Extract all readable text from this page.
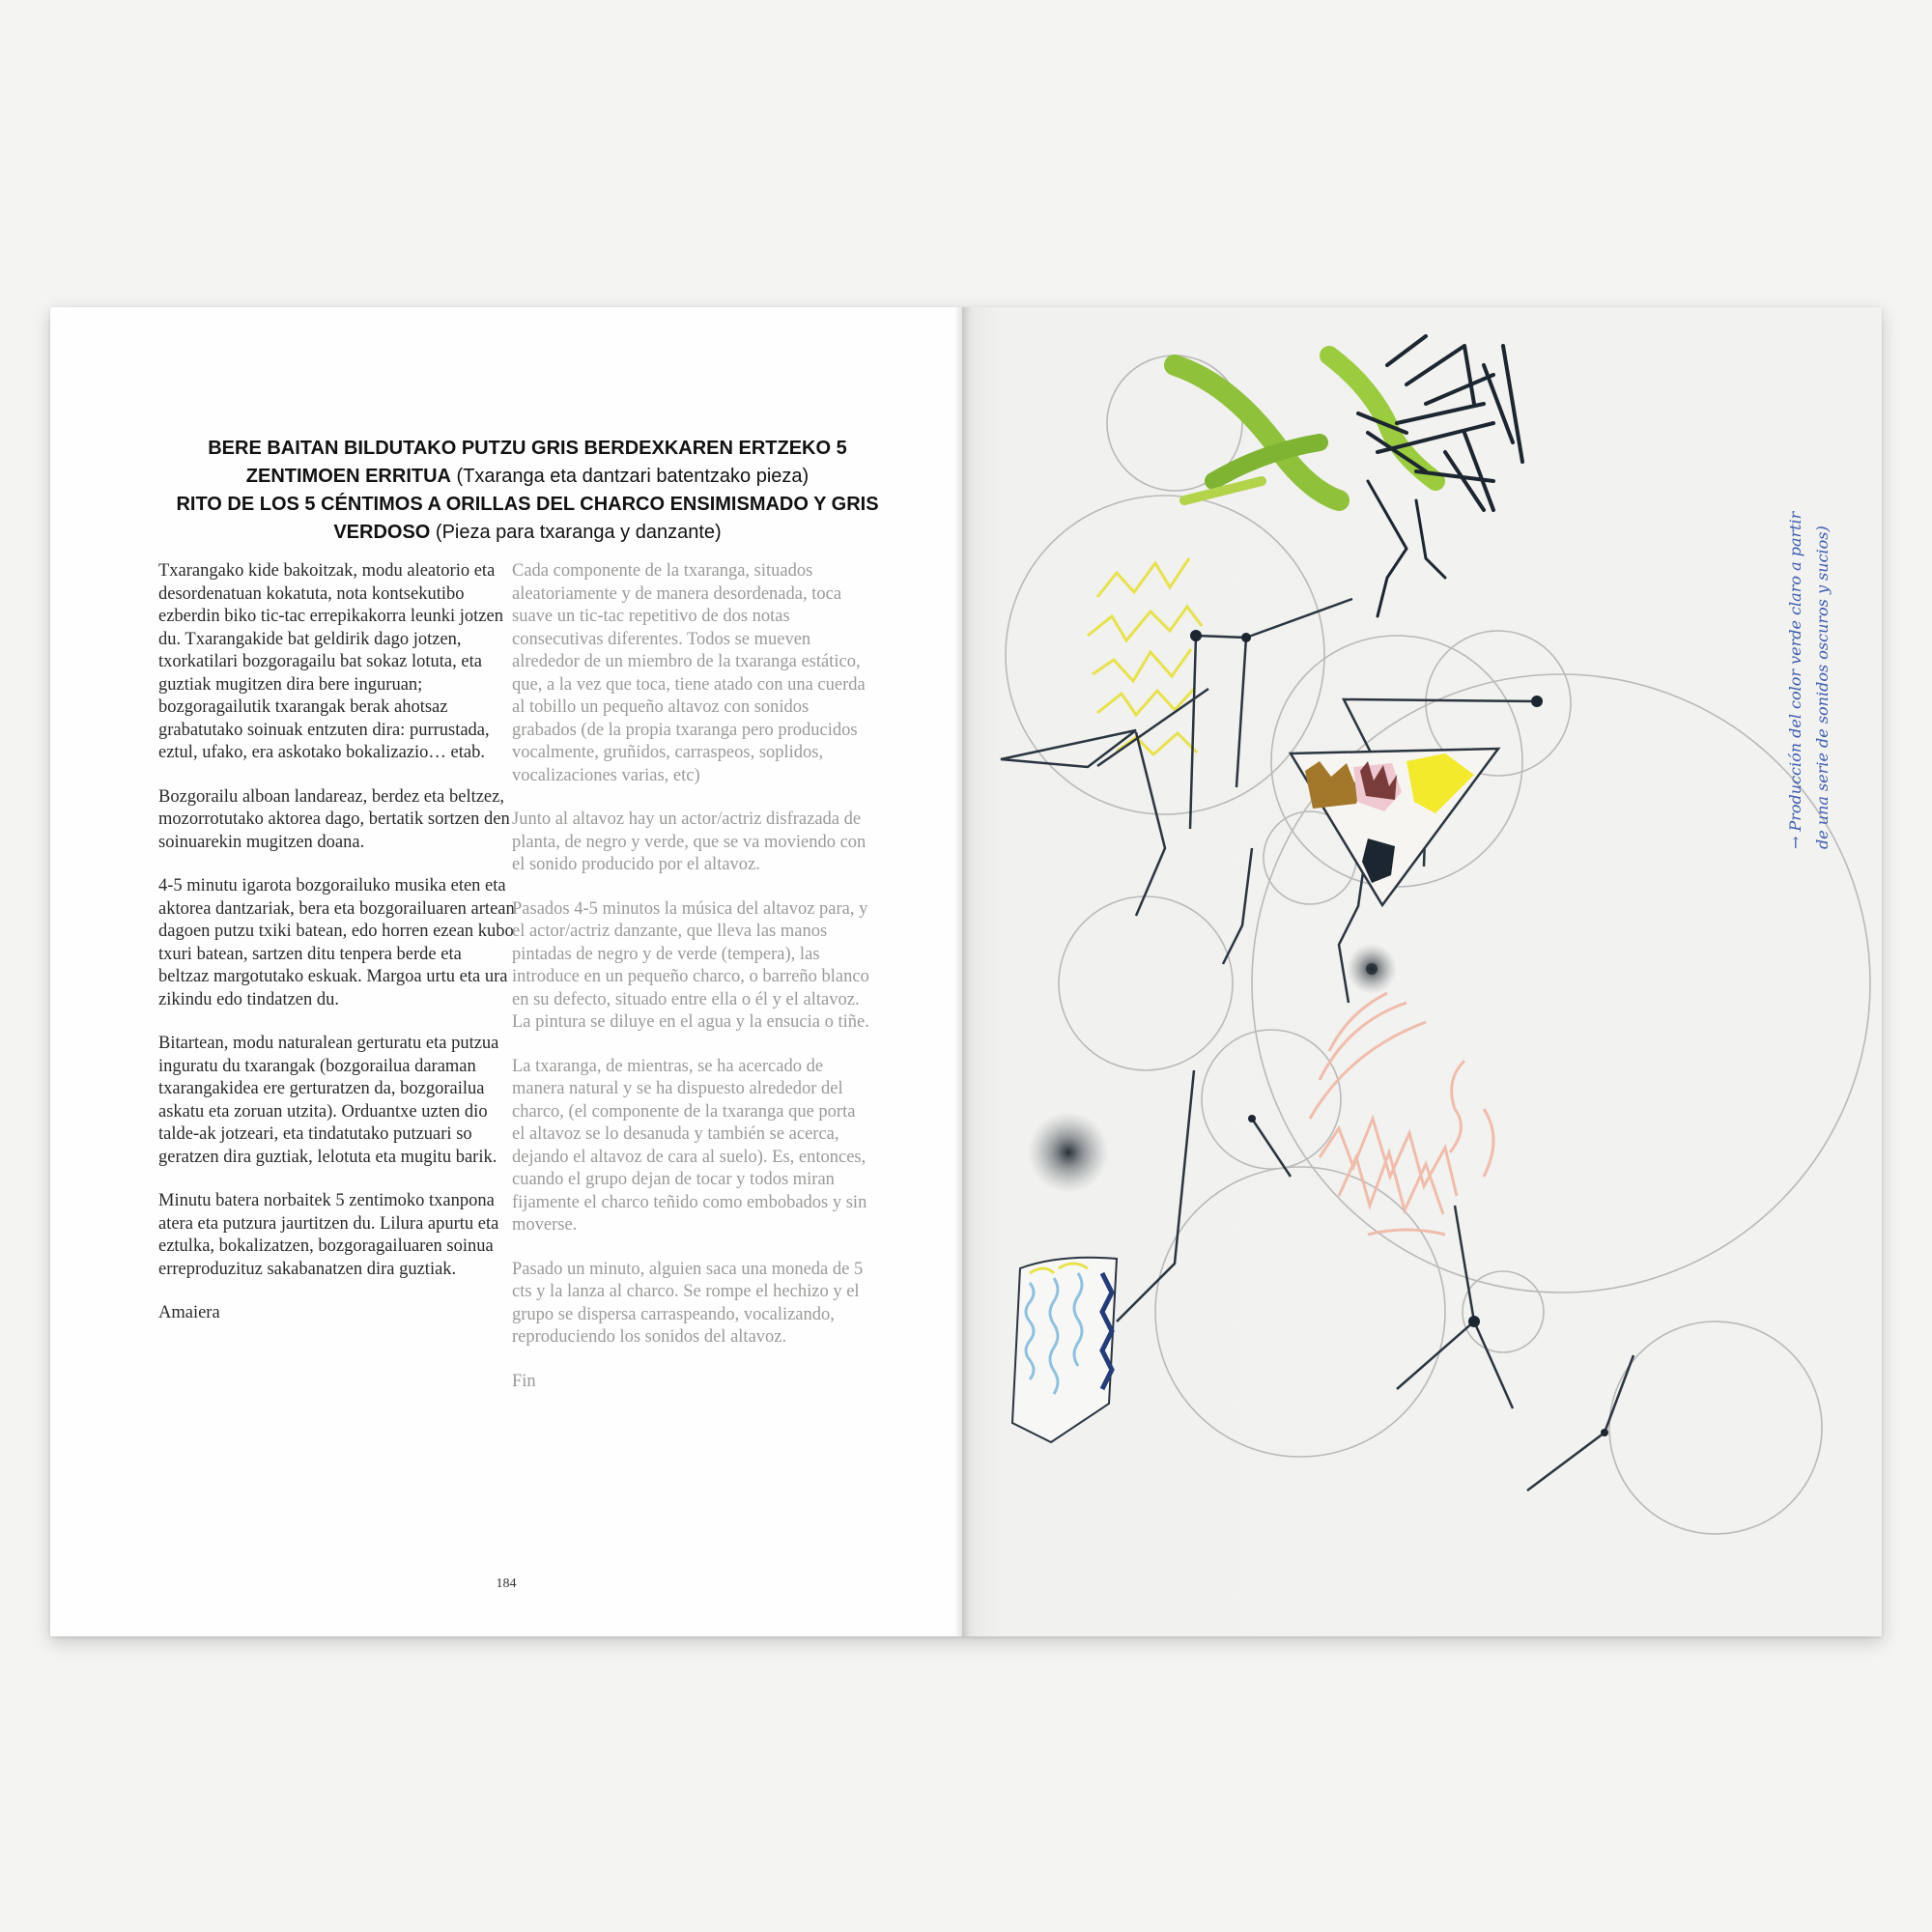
BERE BAITAN BILDUTAKO PUTZU GRIS BERDEXKAREN ERTZEKO 5 ZENTIMOEN ERRITUA (Txaranga eta dantzari batentzako pieza)
RITO DE LOS 5 CÉNTIMOS A ORILLAS DEL CHARCO ENSIMISMADO Y GRIS VERDOSO (Pieza para txaranga y danzante)

Txarangako kide bakoitzak, modu aleatorio eta desordenatuan kokatuta, nota kontsekutibo ezberdin biko tic-tac errepikakorra leunki jotzen du. Txarangakide bat geldirik dago jotzen, txorkatilari bozgoragailu bat sokaz lotuta, eta guztiak mugitzen dira bere inguruan; bozgoragailutik txarangak berak ahotsaz grabatutako soinuak entzuten dira: purrustada, eztul, ufako, era askotako bokalizazio… etab.

Bozgorailu alboan landareaz, berdez eta beltzez, mozorrotutako aktorea dago, bertatik sortzen den soinuarekin mugitzen doana.

4-5 minutu igarota bozgorailuko musika eten eta aktorea dantzariak, bera eta bozgorailuaren artean dagoen putzu txiki batean, edo horren ezean kubo txuri batean, sartzen ditu tenpera berde eta beltzaz margotutako eskuak. Margoa urtu eta ura zikindu edo tindatzen du.

Bitartean, modu naturalean gerturatu eta putzua inguratu du txarangak (bozgorailua daraman txarangakidea ere gerturatzen da, bozgorailua askatu eta zoruan utzita). Orduantxe uzten dio talde-ak jotzeari, eta tindatutako putzuari so geratzen dira guztiak, lelotuta eta mugitu barik.

Minutu batera norbaitek 5 zentimoko txanpona atera eta putzura jaurtitzen du. Lilura apurtu eta eztulka, bokalizatzen, bozgoragailuaren soinua erreproduzituz sakabanatzen dira guztiak.

Amaiera

Cada componente de la txaranga, situados aleatoriamente y de manera desordenada, toca suave un tic-tac repetitivo de dos notas consecutivas diferentes. Todos se mueven alrededor de un miembro de la txaranga estático, que, a la vez que toca, tiene atado con una cuerda al tobillo un pequeño altavoz con sonidos grabados (de la propia txaranga pero producidos vocalmente, gruñidos, carraspeos, soplidos, vocalizaciones varias, etc)

Junto al altavoz hay un actor/actriz disfrazada de planta, de negro y verde, que se va moviendo con el sonido producido por el altavoz.

Pasados 4-5 minutos la música del altavoz para, y el actor/actriz danzante, que lleva las manos pintadas de negro y de verde (tempera), las introduce en un pequeño charco, o barreño blanco en su defecto, situado entre ella o él y el altavoz. La pintura se diluye en el agua y la ensucia o tiñe.

La txaranga, de mientras, se ha acercado de manera natural y se ha dispuesto alrededor del charco, (el componente de la txaranga que porta el altavoz se lo desanuda y también se acerca, dejando el altavoz de cara al suelo). Es, entonces, cuando el grupo dejan de tocar y todos miran fijamente el charco teñido como embobados y sin moverse.

Pasado un minuto, alguien saca una moneda de 5 cts y la lanza al charco. Se rompe el hechizo y el grupo se dispersa carraspeando, vocalizando, reproduciendo los sonidos del altavoz.

Fin

184
→ Producción del color verde claro a partir de una serie de sonidos oscuros y sucios)
